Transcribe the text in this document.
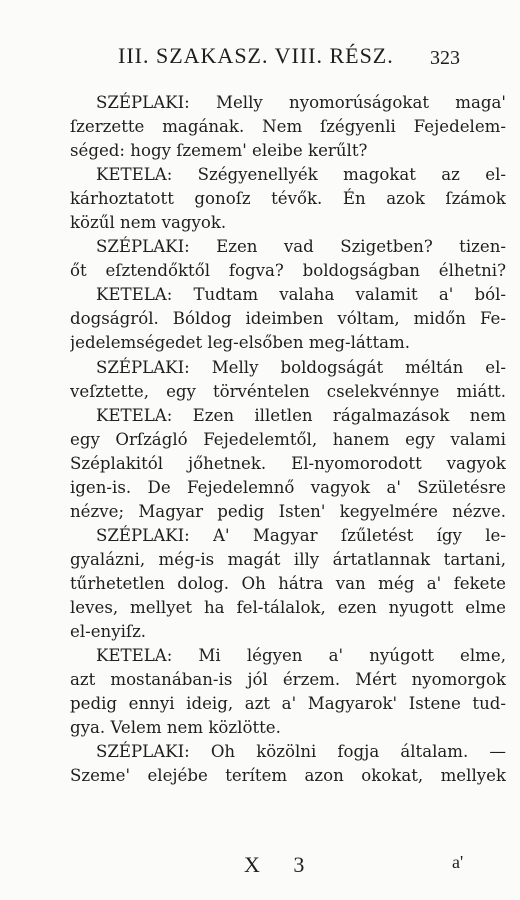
III. SZAKASZ. VIII. RÉSZ. 323
SZÉPLAKI: Melly nyomorúságokat maga'
ſzerzette magának. Nem ſzégyenli Fejedelem-
séged: hogy ſzemem' eleibe kerűlt?
KETELA: Szégyenellyék magokat az el-
kárhoztatott gonoſz tévők. Én azok ſzámok
közűl nem vagyok.
SZÉPLAKI: Ezen vad Szigetben? tizen-
őt eſztendőktől fogva? boldogságban élhetni?
KETELA: Tudtam valaha valamit a' ból-
dogságról. Bóldog ideimben vóltam, midőn Fe-
jedelemségedet leg-elsőben meg-láttam.
SZÉPLAKI: Melly boldogságát méltán el-
veſztette, egy törvéntelen cselekvénnye miátt.
KETELA: Ezen illetlen rágalmazások nem
egy Orſzágló Fejedelemtől, hanem egy valami
Széplakitól jőhetnek. El-nyomorodott vagyok
igen-is. De Fejedelemnő vagyok a' Születésre
nézve; Magyar pedig Isten' kegyelmére nézve.
SZÉPLAKI: A' Magyar ſzűletést így le-
gyalázni, még-is magát illy ártatlannak tartani,
tűrhetetlen dolog. Oh hátra van még a' fekete
leves, mellyet ha fel-tálalok, ezen nyugott elme
el-enyiſz.
KETELA: Mi légyen a' nyúgott elme,
azt mostanában-is jól érzem. Mért nyomorgok
pedig ennyi ideig, azt a' Magyarok' Istene tud-
gya. Velem nem közlötte.
SZÉPLAKI: Oh közölni fogja általam. —
Szeme' elejébe terítem azon okokat, mellyek
X 3	a'
